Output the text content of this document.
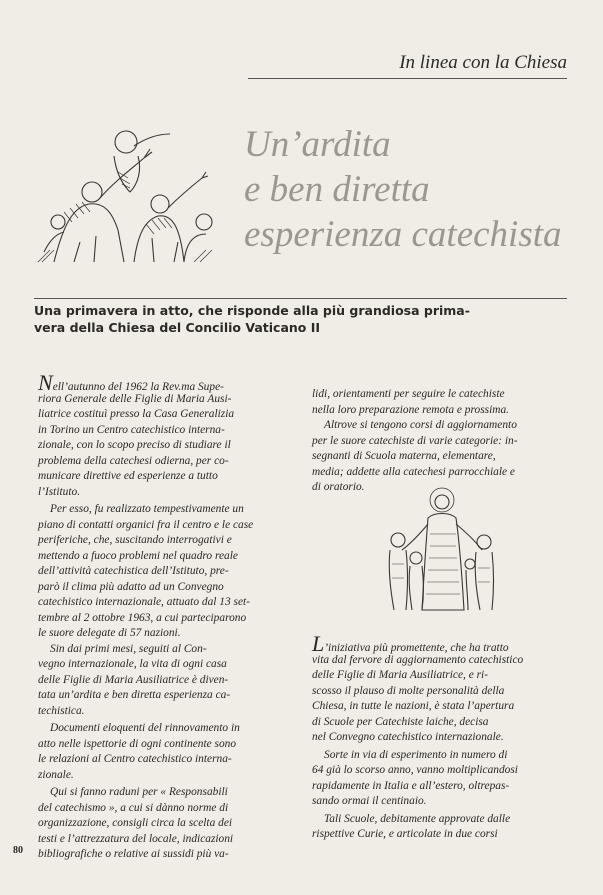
In linea con la Chiesa
Un’ardita
e ben diretta
esperienza catechista
Una primavera in atto, che risponde alla più grandiosa prima-
vera della Chiesa del Concilio Vaticano II
Nell’autunno del 1962 la Rev.ma Supe-
riora Generale delle Figlie di Maria Ausi-
liatrice costituì presso la Casa Generalizia
in Torino un Centro catechistico interna-
zionale, con lo scopo preciso di studiare il
problema della catechesi odierna, per co-
municare direttive ed esperienze a tutto
l’Istituto.
Per esso, fu realizzato tempestivamente un
piano di contatti organici fra il centro e le case
periferiche, che, suscitando interrogativi e
mettendo a fuoco problemi nel quadro reale
dell’attività catechistica dell’Istituto, pre-
parò il clima più adatto ad un Convegno
catechistico internazionale, attuato dal 13 set-
tembre al 2 ottobre 1963, a cui parteciparono
le suore delegate di 57 nazioni.
Sin dai primi mesi, seguiti al Con-
vegno internazionale, la vita di ogni casa
delle Figlie di Maria Ausiliatrice è diven-
tata un’ardita e ben diretta esperienza ca-
techistica.
Documenti eloquenti del rinnovamento in
atto nelle ispettorie di ogni continente sono
le relazioni al Centro catechistico interna-
zionale.
Qui si fanno raduni per « Responsabili
del catechismo », a cui si dànno norme di
organizzazione, consigli circa la scelta dei
testi e l’attrezzatura del locale, indicazioni
bibliografiche o relative ai sussidi più va-
lidi, orientamenti per seguire le catechiste
nella loro preparazione remota e prossima.
Altrove si tengono corsi di aggiornamento
per le suore catechiste di varie categorie: in-
segnanti di Scuola materna, elementare,
media; addette alla catechesi parrocchiale e
di oratorio.
L’iniziativa più promettente, che ha tratto
vita dal fervore di aggiornamento catechistico
delle Figlie di Maria Ausiliatrice, e ri-
scosso il plauso di molte personalità della
Chiesa, in tutte le nazioni, è stata l’apertura
di Scuole per Catechiste laiche, decisa
nel Convegno catechistico internazionale.
Sorte in via di esperimento in numero di
64 già lo scorso anno, vanno moltiplicandosi
rapidamente in Italia e all’estero, oltrepas-
sando ormai il centinaio.
Tali Scuole, debitamente approvate dalle
rispettive Curie, e articolate in due corsi
80
